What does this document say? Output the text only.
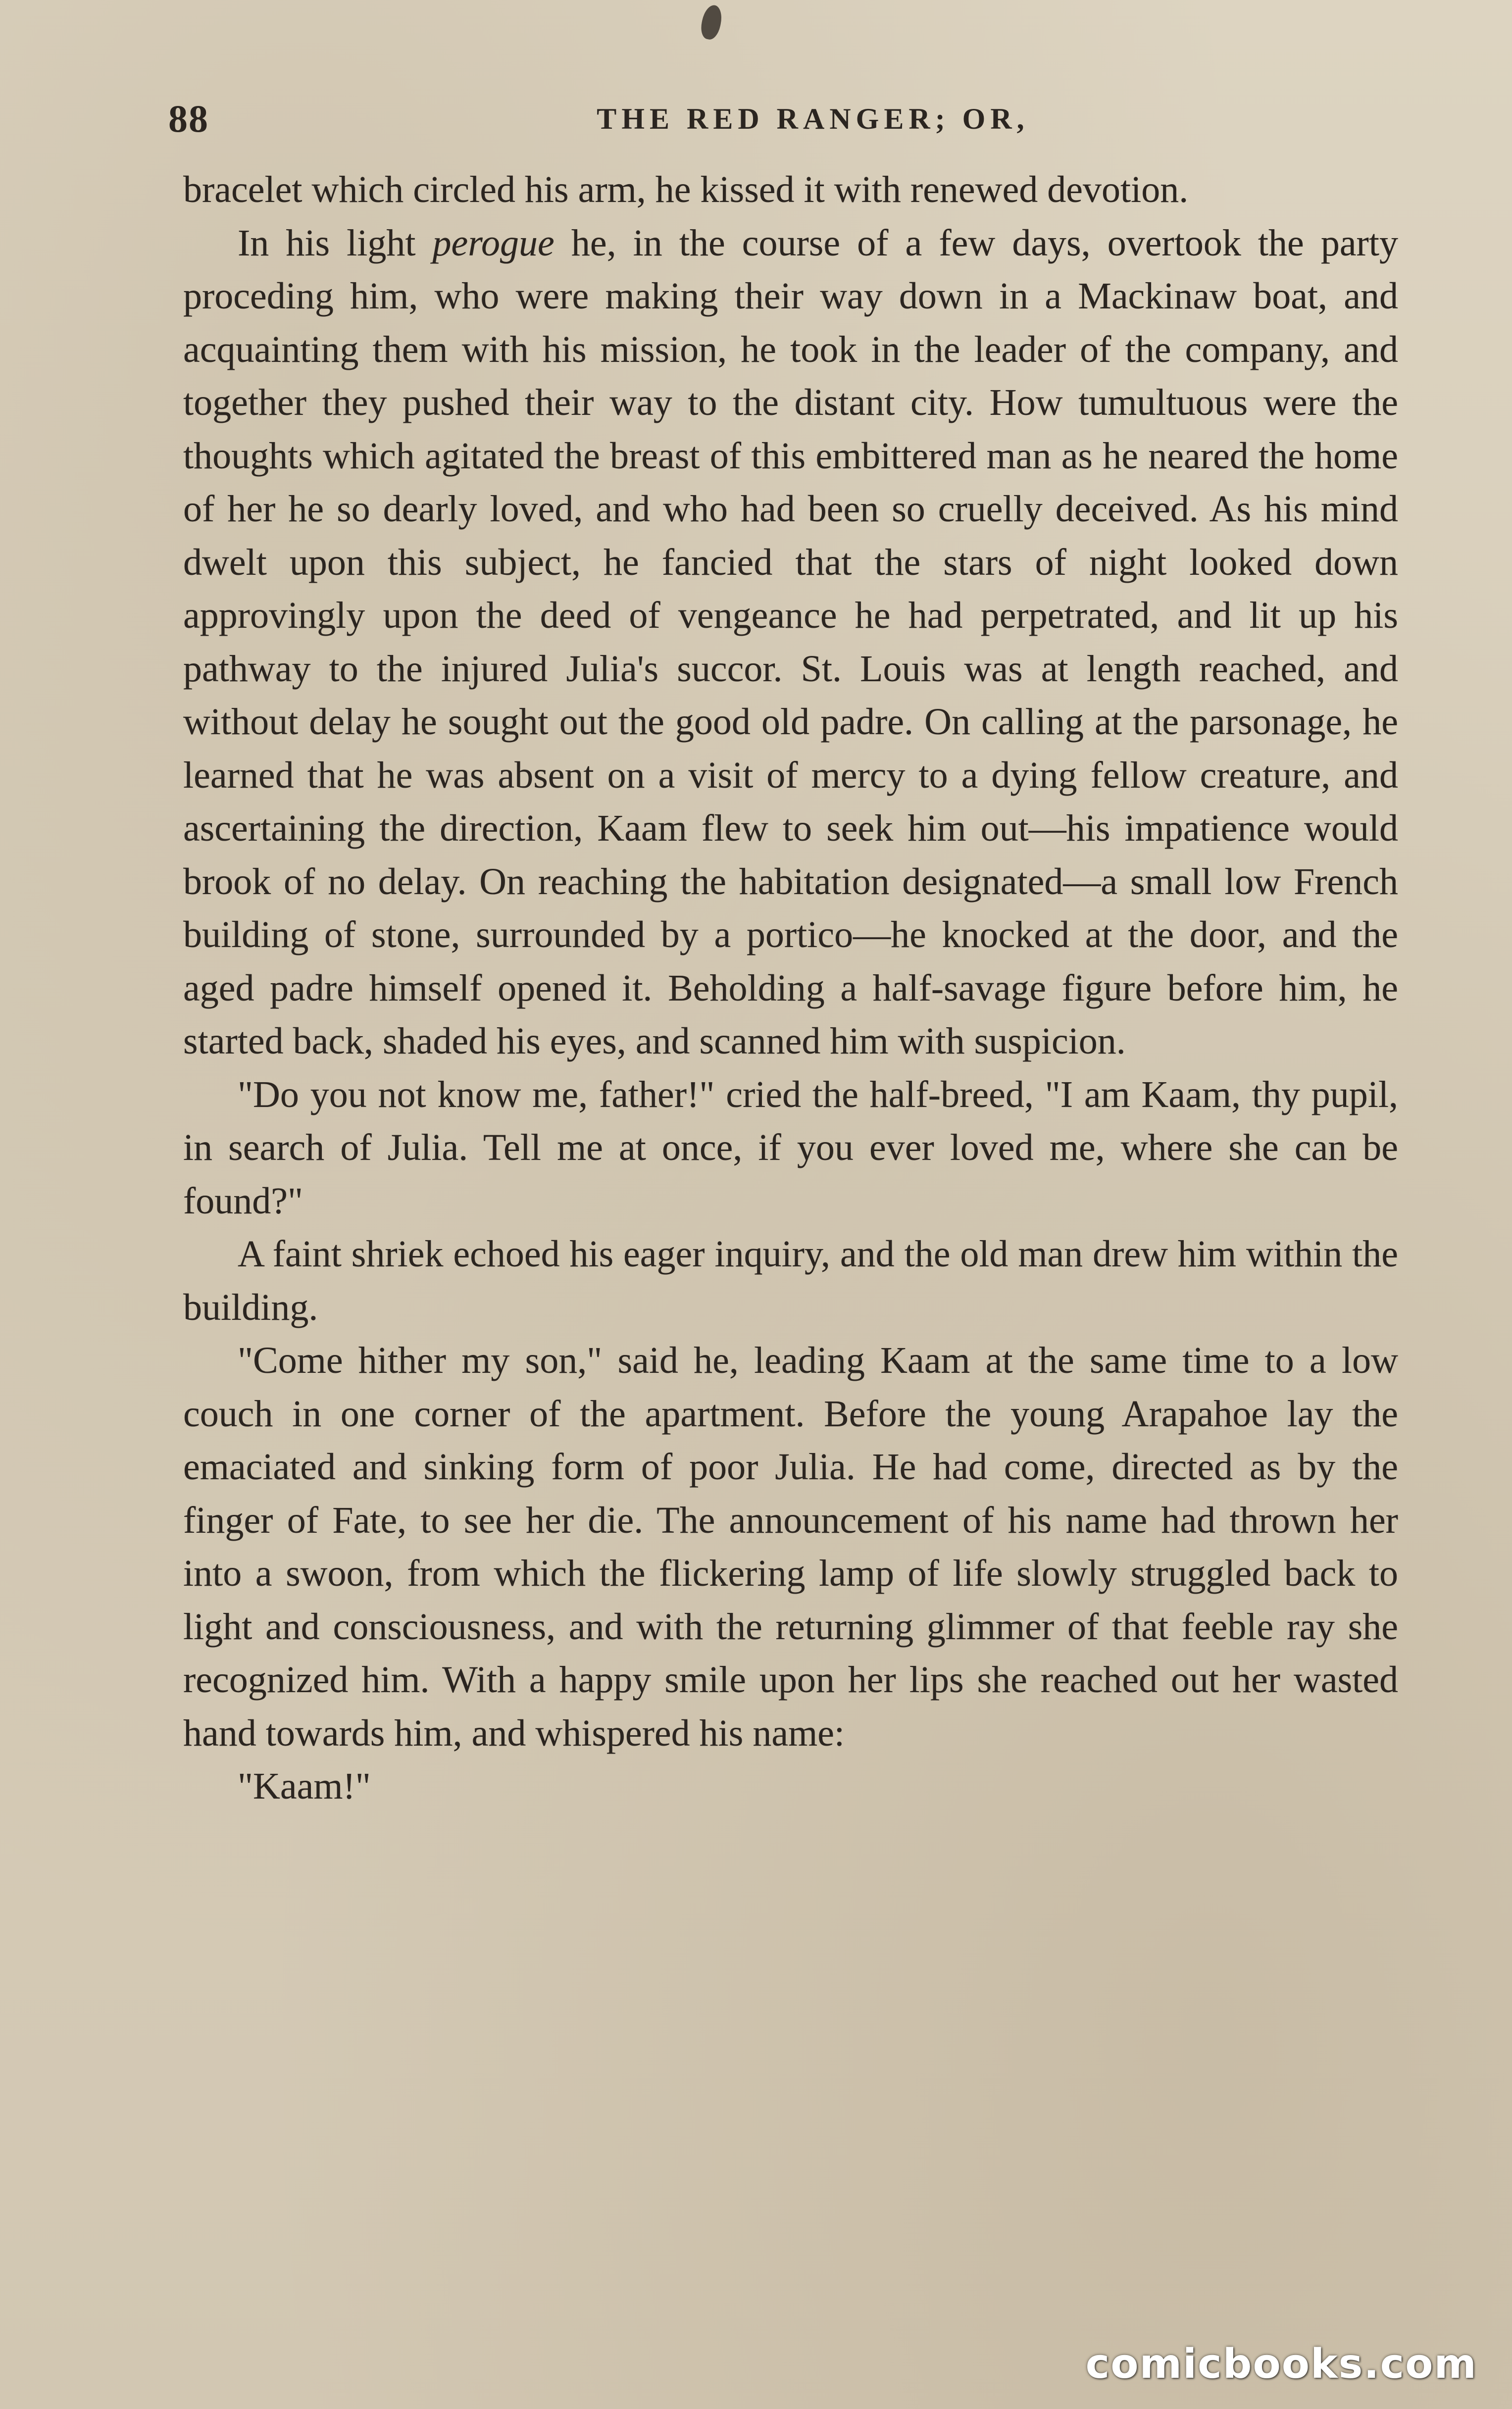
88	THE RED RANGER; OR,

bracelet which circled his arm, he kissed it with renewed devotion.

In his light perogue he, in the course of a few days, overtook the party proceding him, who were making their way down in a Mackinaw boat, and acquainting them with his mission, he took in the leader of the company, and together they pushed their way to the distant city. How tumultuous were the thoughts which agitated the breast of this embittered man as he neared the home of her he so dearly loved, and who had been so cruelly deceived. As his mind dwelt upon this subject, he fancied that the stars of night looked down approvingly upon the deed of vengeance he had perpetrated, and lit up his pathway to the injured Julia's succor. St. Louis was at length reached, and without delay he sought out the good old padre. On calling at the parsonage, he learned that he was absent on a visit of mercy to a dying fellow creature, and ascertaining the direction, Kaam flew to seek him out—his impatience would brook of no delay. On reaching the habitation designated—a small low French building of stone, surrounded by a portico—he knocked at the door, and the aged padre himself opened it. Beholding a half-savage figure before him, he started back, shaded his eyes, and scanned him with suspicion.

"Do you not know me, father!" cried the half-breed, "I am Kaam, thy pupil, in search of Julia. Tell me at once, if you ever loved me, where she can be found?"

A faint shriek echoed his eager inquiry, and the old man drew him within the building.

"Come hither my son," said he, leading Kaam at the same time to a low couch in one corner of the apartment. Before the young Arapahoe lay the emaciated and sinking form of poor Julia. He had come, directed as by the finger of Fate, to see her die. The announcement of his name had thrown her into a swoon, from which the flickering lamp of life slowly struggled back to light and consciousness, and with the returning glimmer of that feeble ray she recognized him. With a happy smile upon her lips she reached out her wasted hand towards him, and whispered his name:

"Kaam!"

comicbooks.com
